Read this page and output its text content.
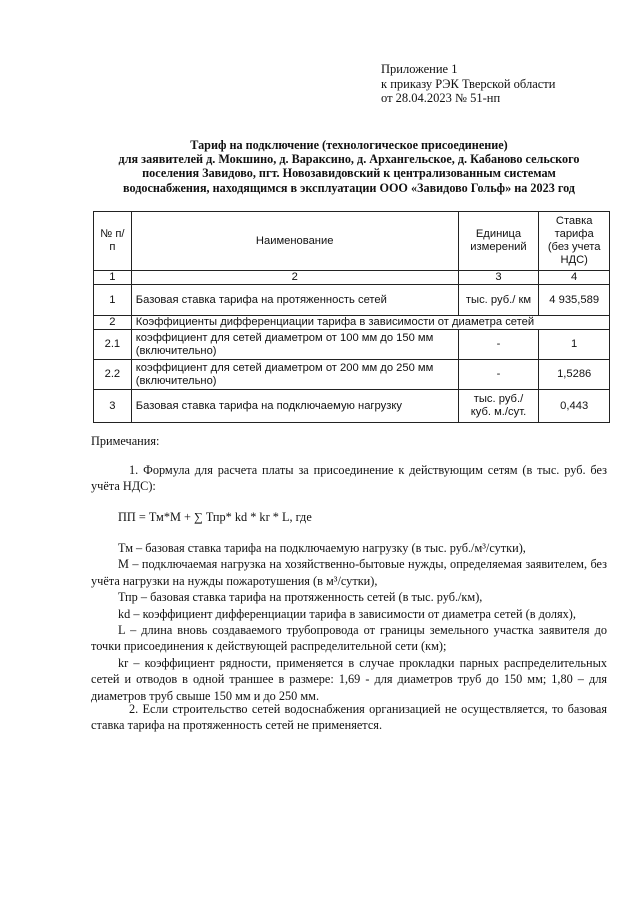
Приложение 1
к приказу РЭК Тверской области
от 28.04.2023 № 51-нп
Тариф на подключение (технологическое присоединение)
для заявителей д. Мокшино, д. Вараксино, д. Архангельское, д. Кабаново сельского
поселения Завидово, пгт. Новозавидовский к централизованным системам
водоснабжения, находящимся в эксплуатации ООО «Завидово Гольф» на 2023 год
№ п/п	Наименование	Единица измерений	Ставка тарифа (без учета НДС)
1	2	3	4
1	Базовая ставка тарифа на протяженность сетей	тыс. руб./ км	4 935,589
2	Коэффициенты дифференциации тарифа в зависимости от диаметра сетей		
2.1	коэффициент для сетей диаметром от 100 мм до 150 мм (включительно)	-	1
2.2	коэффициент для сетей диаметром от 200 мм до 250 мм (включительно)	-	1,5286
3	Базовая ставка тарифа на подключаемую нагрузку	тыс. руб./ куб. м./сут.	0,443
Примечания:

1. Формула для расчета платы за присоединение к действующим сетям (в тыс. руб. без учёта НДС):

ПП = Тм*М + ∑ Тпр* kd * kr * L, где

Тм – базовая ставка тарифа на подключаемую нагрузку (в тыс. руб./м³/сутки),

М – подключаемая нагрузка на хозяйственно-бытовые нужды, определяемая заявителем, без учёта нагрузки на нужды пожаротушения (в м³/сутки),

Тпр – базовая ставка тарифа на протяженность сетей (в тыс. руб./км),

kd – коэффициент дифференциации тарифа в зависимости от диаметра сетей (в долях),

L – длина вновь создаваемого трубопровода от границы земельного участка заявителя до точки присоединения к действующей распределительной сети (км);

kr – коэффициент рядности, применяется в случае прокладки парных распределительных сетей и отводов в одной траншее в размере: 1,69 - для диаметров труб до 150 мм; 1,80 – для диаметров труб свыше 150 мм и до 250 мм.

2. Если строительство сетей водоснабжения организацией не осуществляется, то базовая ставка тарифа на протяженность сетей не применяется.
